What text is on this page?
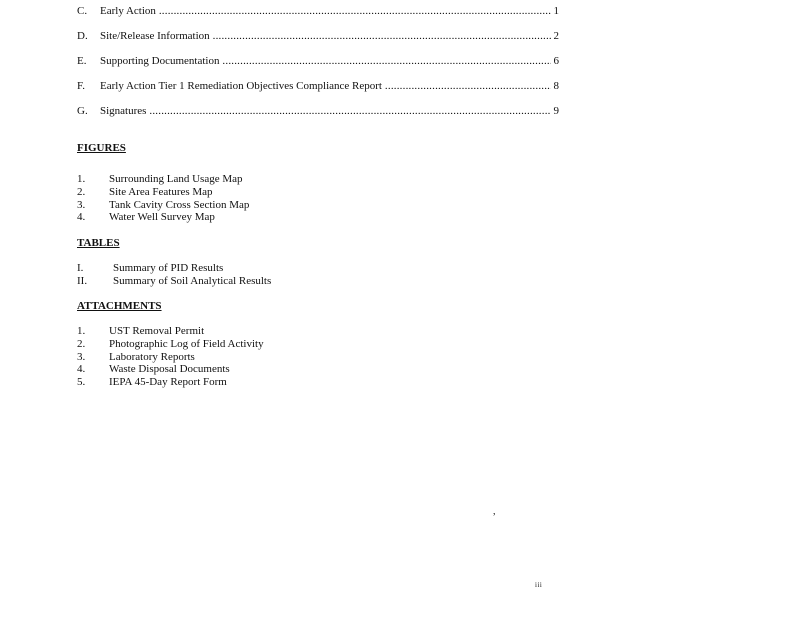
C. Early Action .....	1
D. Site/Release Information .....	2
E. Supporting Documentation .....	6
F. Early Action Tier 1 Remediation Objectives Compliance Report .....	8
G. Signatures .....	9
FIGURES
1. Surrounding Land Usage Map
2. Site Area Features Map
3. Tank Cavity Cross Section Map
4. Water Well Survey Map
TABLES
I.	Summary of PID Results
II. Summary of Soil Analytical Results
ATTACHMENTS
1. UST Removal Permit
2. Photographic Log of Field Activity
3. Laboratory Reports
4. Waste Disposal Documents
5. IEPA 45-Day Report Form
,
iii
